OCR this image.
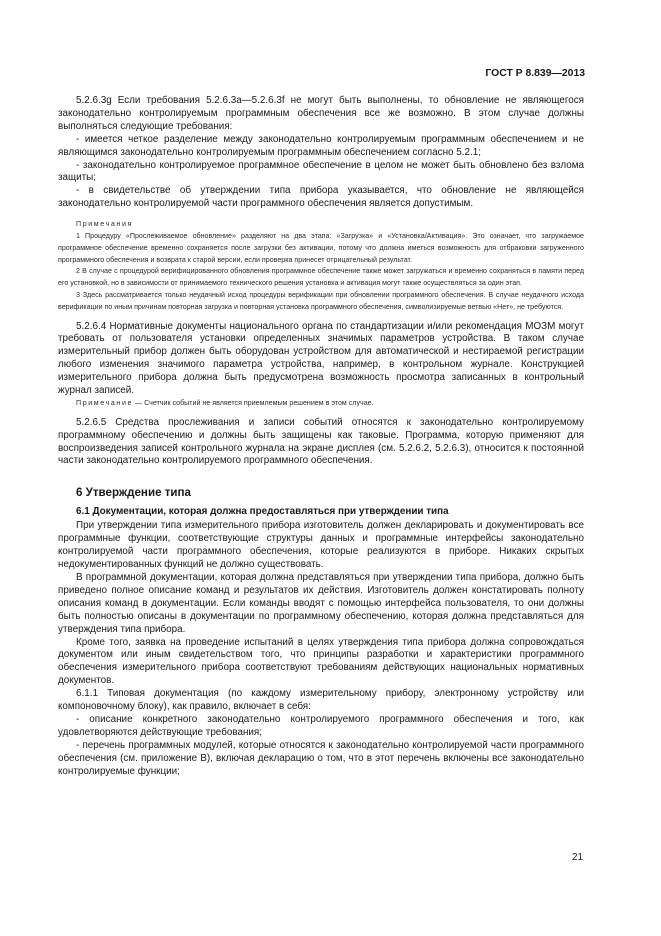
ГОСТ Р 8.839—2013

5.2.6.3g Если требования 5.2.6.3a—5.2.6.3f не могут быть выполнены, то обновление не являющегося законодательно контролируемым программным обеспечения все же возможно. В этом случае должны выполняться следующие требования:

- имеется четкое разделение между законодательно контролируемым программным обеспечением и не являющимся законодательно контролируемым программным обеспечением согласно 5.2.1;

- законодательно контролируемое программное обеспечение в целом не может быть обновлено без взлома защиты;

- в свидетельстве об утверждении типа прибора указывается, что обновление не являющейся законодательно контролируемой части программного обеспечения является допустимым.

Примечания

1 Процедуру «Прослеживаемое обновление» разделяют на два этапа: «Загрузка» и «Установка/Активация». Это означает, что загружаемое программное обеспечение временно сохраняется после загрузки без активации, потому что должна иметься возможность для отбраковки загруженного программного обеспечения и возврата к старой версии, если проверка принесет отрицательный результат.

2 В случае с процедурой верифицированного обновления программное обеспечение также может загружаться и временно сохраняться в памяти перед его установкой, но в зависимости от принимаемого технического решения установка и активация могут также осуществляться за один этап.

3 Здесь рассматривается только неудачный исход процедуры верификации при обновлении программного обеспечения. В случае неудачного исхода верификации по иным причинам повторная загрузка и повторная установка программного обеспечения, символизируемые ветвью «Нет», не требуются.

5.2.6.4 Нормативные документы национального органа по стандартизации и/или рекомендация МОЗМ могут требовать от пользователя установки определенных значимых параметров устройства. В таком случае измерительный прибор должен быть оборудован устройством для автоматической и нестираемой регистрации любого изменения значимого параметра устройства, например, в контрольном журнале. Конструкцией измерительного прибора должна быть предусмотрена возможность просмотра записанных в контрольный журнал записей.

Примечание — Счетчик событий не является приемлемым решением в этом случае.

5.2.6.5 Средства прослеживания и записи событий относятся к законодательно контролируемому программному обеспечению и должны быть защищены как таковые. Программа, которую применяют для воспроизведения записей контрольного журнала на экране дисплея (см. 5.2.6.2, 5.2.6.3), относится к постоянной части законодательно контролируемого программного обеспечения.

6 Утверждение типа
6.1 Документации, которая должна предоставляться при утверждении типа

При утверждении типа измерительного прибора изготовитель должен декларировать и документировать все программные функции, соответствующие структуры данных и программные интерфейсы законодательно контролируемой части программного обеспечения, которые реализуются в приборе. Никаких скрытых недокументированных функций не должно существовать.

В программной документации, которая должна представляться при утверждении типа прибора, должно быть приведено полное описание команд и результатов их действия. Изготовитель должен констатировать полноту описания команд в документации. Если команды вводят с помощью интерфейса пользователя, то они должны быть полностью описаны в документации по программному обеспечению, которая должна представляться для утверждения типа прибора.

Кроме того, заявка на проведение испытаний в целях утверждения типа прибора должна сопровождаться документом или иным свидетельством того, что принципы разработки и характеристики программного обеспечения измерительного прибора соответствуют требованиям действующих национальных нормативных документов.

6.1.1 Типовая документация (по каждому измерительному прибору, электронному устройству или компоновочному блоку), как правило, включает в себя:

- описание конкретного законодательно контролируемого программного обеспечения и того, как удовлетворяются действующие требования;

- перечень программных модулей, которые относятся к законодательно контролируемой части программного обеспечения (см. приложение В), включая декларацию о том, что в этот перечень включены все законодательно контролируемые функции;

21
